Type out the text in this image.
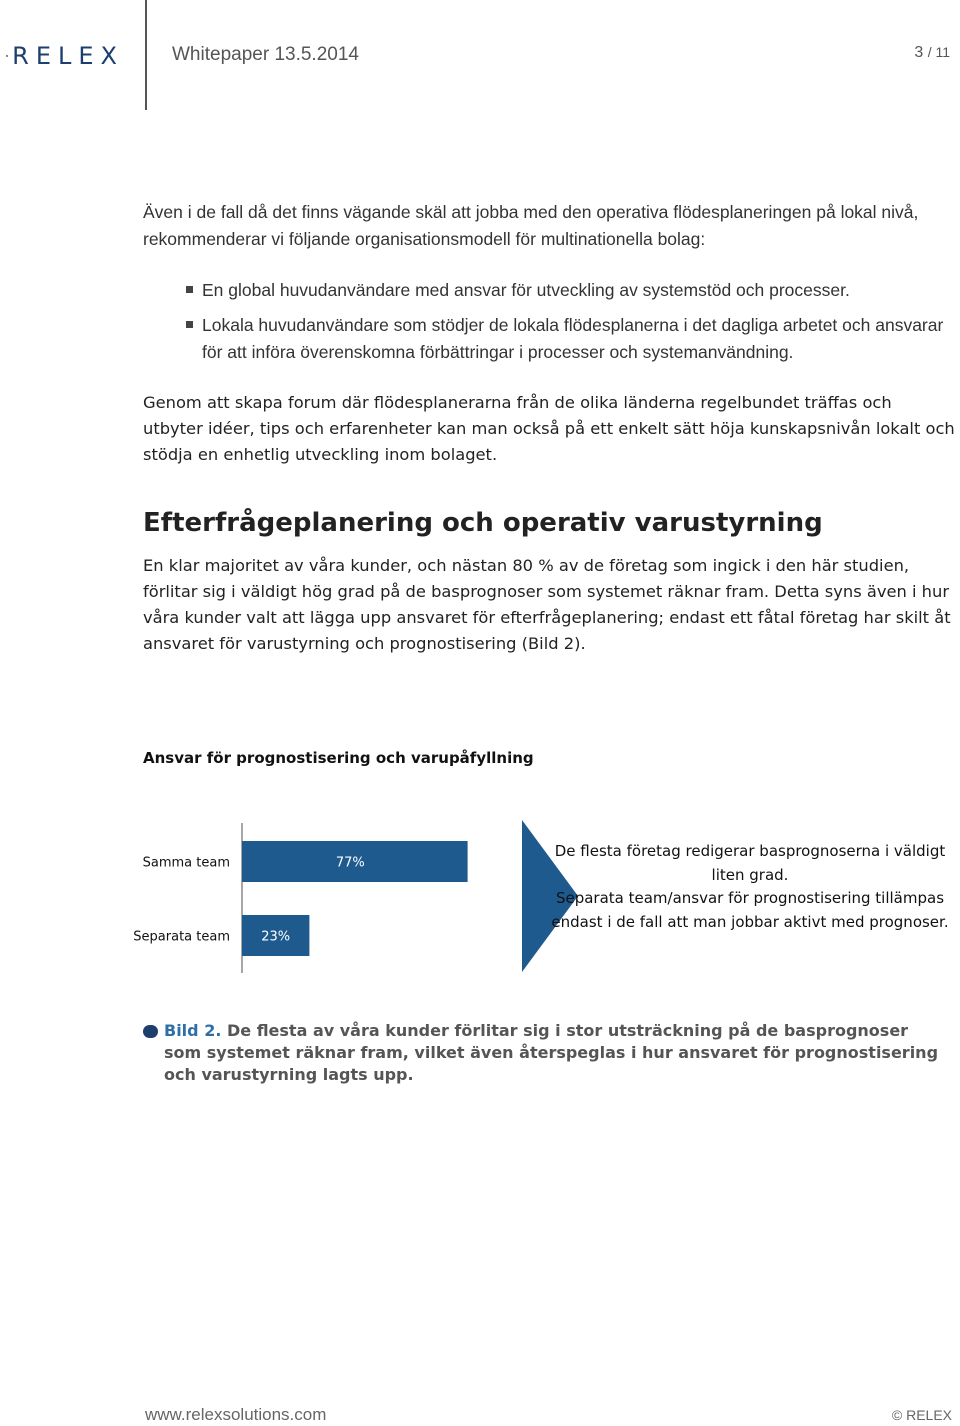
RELEX	Whitepaper 13.5.2014	3 / 11
Även i de fall då det finns vägande skäl att jobba med den operativa flödesplaneringen på lokal nivå, rekommenderar vi följande organisationsmodell för multinationella bolag:
En global huvudanvändare med ansvar för utveckling av systemstöd och processer.
Lokala huvudanvändare som stödjer de lokala flödesplanerna i det dagliga arbetet och ansvarar för att införa överenskomna förbättringar i processer och systemanvändning.
Genom att skapa forum där flödesplanerarna från de olika länderna regelbundet träffas och utbyter idéer, tips och erfarenheter kan man också på ett enkelt sätt höja kunskapsnivån lokalt och stödja en enhetlig utveckling inom bolaget.
Efterfrågeplanering och operativ varustyrning
En klar majoritet av våra kunder, och nästan 80 % av de företag som ingick i den här studien, förlitar sig i väldigt hög grad på de basprognoser som systemet räknar fram. Detta syns även i hur våra kunder valt att lägga upp ansvaret för efterfrågeplanering; endast ett fåtal företag har skilt åt ansvaret för varustyrning och prognostisering (Bild 2).
Ansvar för prognostisering och varupåfyllning
Samma team	77%
Separata team 23%
De flesta företag redigerar basprognoserna i väldigt liten grad.
Separata team/ansvar för prognostisering tillämpas endast i de fall att man jobbar aktivt med prognoser.
Bild 2. De flesta av våra kunder förlitar sig i stor utsträckning på de basprognoser som systemet räknar fram, vilket även återspeglas i hur ansvaret för prognostisering och varustyrning lagts upp.
www.relexsolutions.com	© RELEX
